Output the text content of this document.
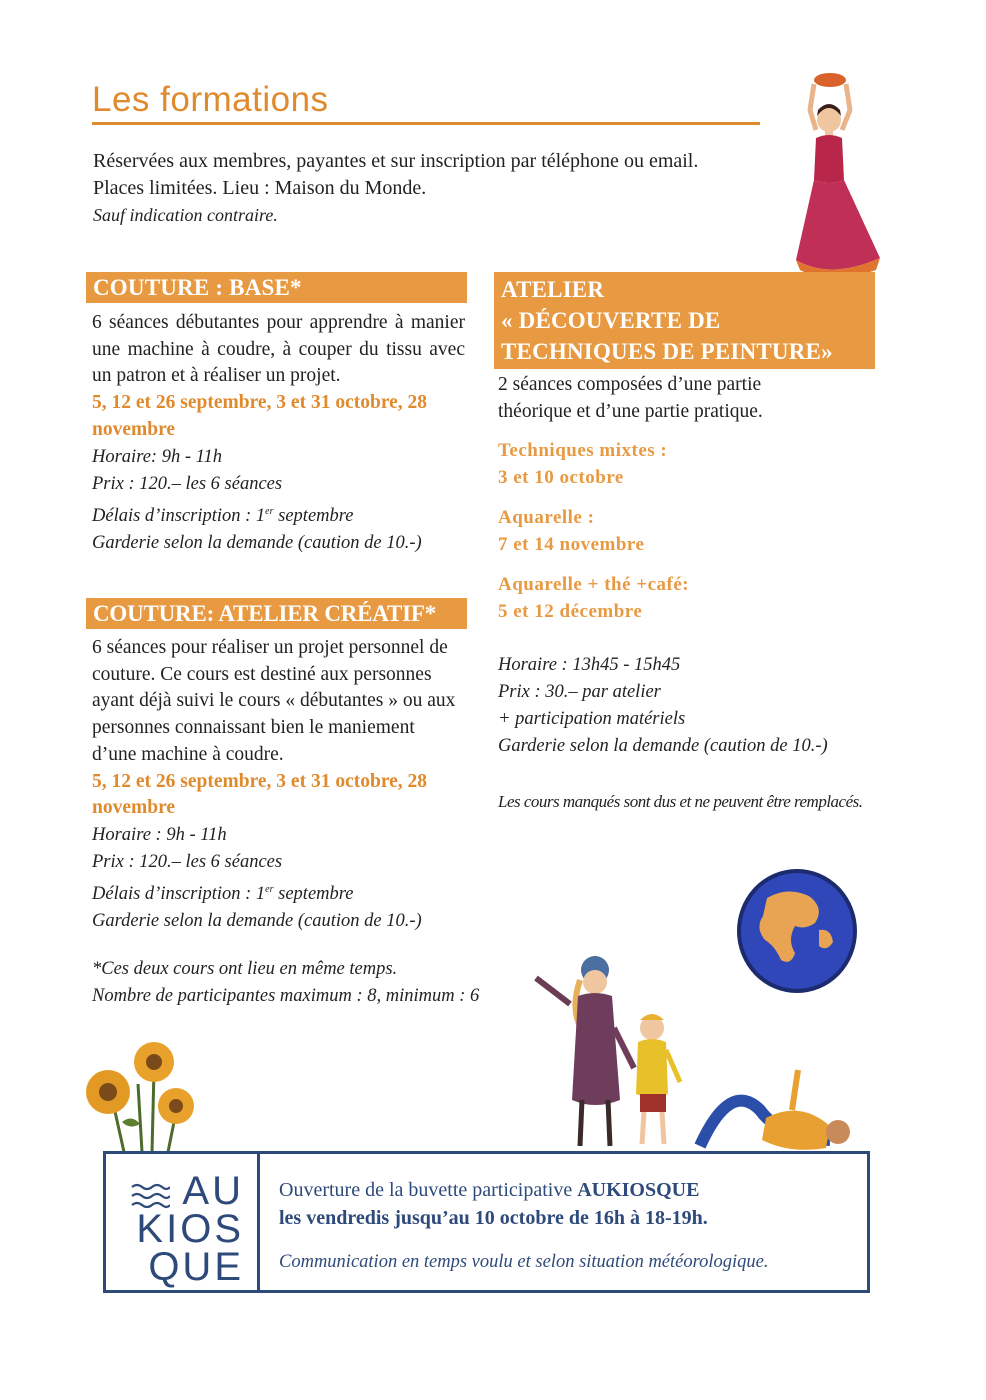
Les formations
Réservées aux membres, payantes et sur inscription par téléphone ou email.
Places limitées. Lieu : Maison du Monde.
Sauf indication contraire.
COUTURE : BASE*

6 séances débutantes pour apprendre à manier une machine à coudre, à couper du tissu avec un patron et à réaliser un projet.

5, 12 et 26 septembre, 3 et 31 octobre, 28 novembre

Horaire: 9h - 11h

Prix : 120.– les 6 séances

Délais d’inscription : 1er septembre

Garderie selon la demande (caution de 10.-)

COUTURE: ATELIER CRÉATIF*

6 séances pour réaliser un projet personnel de couture. Ce cours est destiné aux personnes ayant déjà suivi le cours « débutantes » ou aux personnes connaissant bien le maniement d’une machine à coudre.

5, 12 et 26 septembre, 3 et 31 octobre, 28 novembre

Horaire : 9h - 11h

Prix : 120.– les 6 séances

Délais d’inscription : 1er septembre

Garderie selon la demande (caution de 10.-)

*Ces deux cours ont lieu en même temps.
Nombre de participantes maximum : 8, minimum : 6
ATELIER
« DÉCOUVERTE DE
TECHNIQUES DE PEINTURE»
2 séances composées d’une partie théorique et d’une partie pratique.
Techniques mixtes :
3 et 10 octobre
Aquarelle :
7 et 14 novembre
Aquarelle + thé +café:
5 et 12 décembre
Horaire : 13h45 - 15h45
Prix : 30.– par atelier
+ participation matériels
Garderie selon la demande (caution de 10.-)
Les cours manqués sont dus et ne peuvent être remplacés.
AU
KIOS
QUE
Ouverture de la buvette participative AUKIOSQUE
les vendredis jusqu’au 10 octobre de 16h à 18-19h.
Communication en temps voulu et selon situation météorologique.
